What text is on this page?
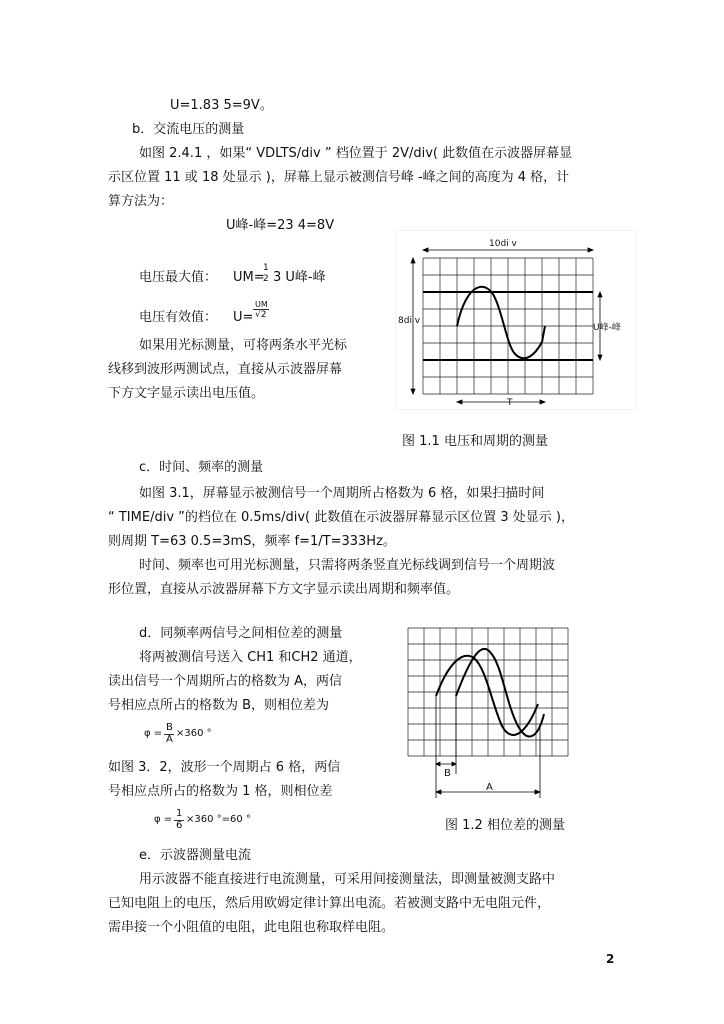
U=1.83 5=9V。
b．交流电压的测量
如图 2.4.1 ，如果“ VDLTS/div ” 档位置于 2V/div( 此数值在示波器屏幕显
示区位置 11 或 18 处显示 )，屏幕上显示被测信号峰 -峰之间的高度为 4 格，计
算方法为：
U峰-峰=23 4=8V
电压最大值： UM=
1
2 3 U峰-峰
电压有效值： U=
UM
√2
如果用光标测量，可将两条水平光标
线移到波形两测试点，直接从示波器屏幕
下方文字显示读出电压值。
10di v
8di v
U峰-峰
T
图 1.1 电压和周期的测量
c．时间、频率的测量
如图 3.1，屏幕显示被测信号一个周期所占格数为 6 格，如果扫描时间
“ TIME/div ”的档位在 0.5ms/div( 此数值在示波器屏幕显示区位置 3 处显示 )，
则周期 T=63 0.5=3mS，频率 f=1/T=333Hz。
时间、频率也可用光标测量，只需将两条竖直光标线调到信号一个周期波
形位置，直接从示波器屏幕下方文字显示读出周期和频率值。
d．同频率两信号之间相位差的测量
将两被测信号送入 CH1 和CH2 通道，
读出信号一个周期所占的格数为 A，两信
号相应点所占的格数为 B，则相位差为
φ =
B
A
×360 °
如图 3．2，波形一个周期占 6 格，两信
号相应点所占的格数为 1 格，则相位差
φ =
1
6
×360 °=60 °
B
A
图 1.2 相位差的测量
e．示波器测量电流
用示波器不能直接进行电流测量，可采用间接测量法，即测量被测支路中
已知电阻上的电压，然后用欧姆定律计算出电流。若被测支路中无电阻元件，
需串接一个小阻值的电阻，此电阻也称取样电阻。
2
